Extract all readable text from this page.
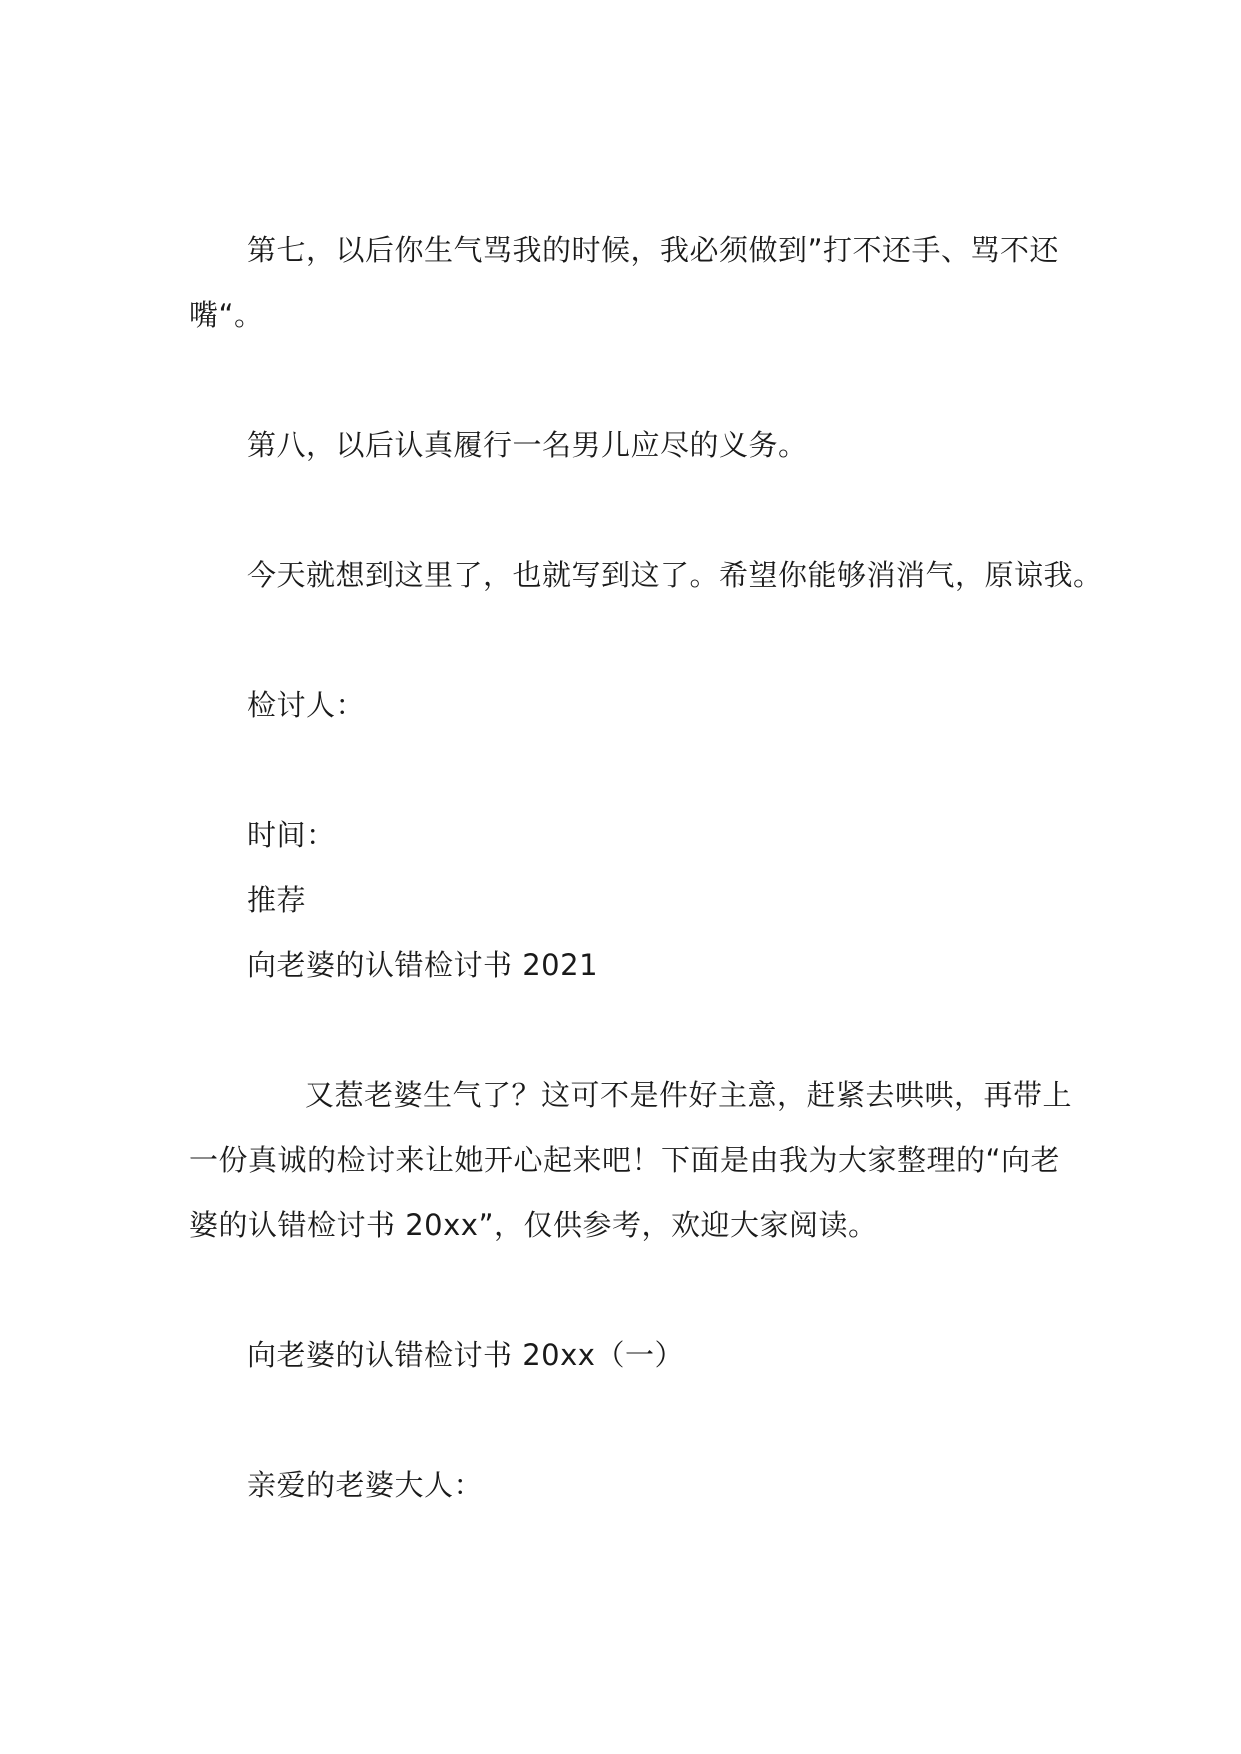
第七，以后你生气骂我的时候，我必须做到”打不还手、骂不还
嘴“。
第八，以后认真履行一名男儿应尽的义务。
今天就想到这里了，也就写到这了。希望你能够消消气，原谅我。
检讨人：
时间：
推荐
向老婆的认错检讨书 2021
又惹老婆生气了？这可不是件好主意，赶紧去哄哄，再带上
一份真诚的检讨来让她开心起来吧！下面是由我为大家整理的“向老
婆的认错检讨书 20xx”，仅供参考，欢迎大家阅读。
向老婆的认错检讨书 20xx（一）
亲爱的老婆大人：
